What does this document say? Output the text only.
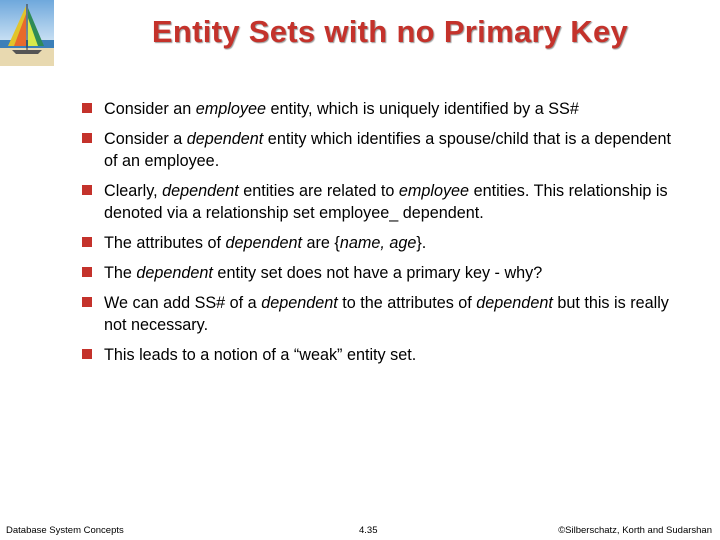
Entity Sets with no Primary Key
Consider an employee entity, which is uniquely identified by a SS#
Consider a dependent entity which identifies a spouse/child that is a dependent of an employee.
Clearly, dependent entities are related to employee entities. This relationship is denoted via a relationship set employee_ dependent.
The attributes of dependent are {name, age}.
The dependent entity set does not have a primary key - why?
We can add SS# of a dependent to the attributes of dependent but this is really not necessary.
This leads to a notion of a “weak” entity set.
Database System Concepts	4.35	©Silberschatz, Korth and Sudarshan
